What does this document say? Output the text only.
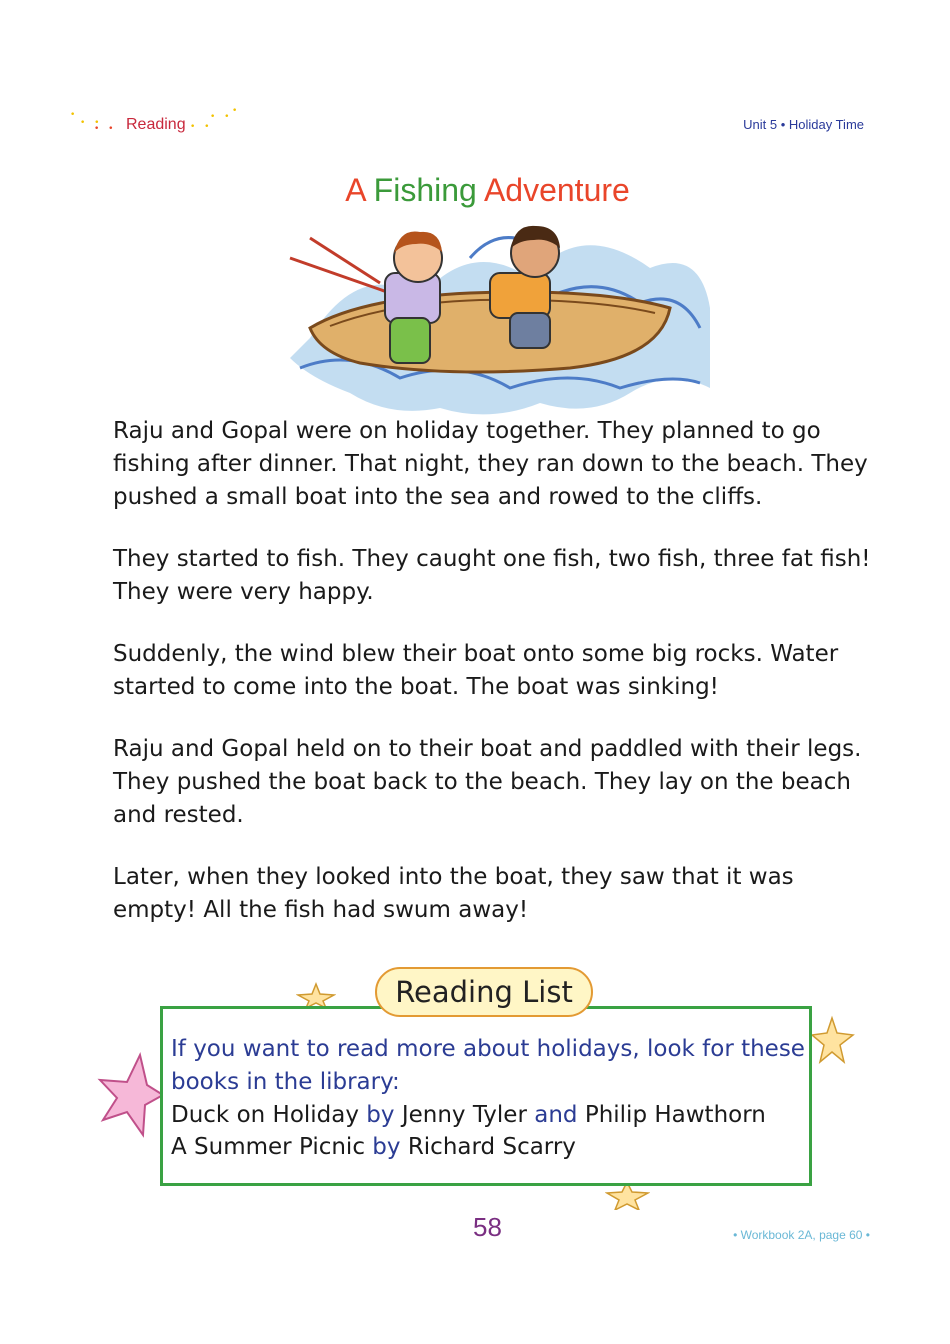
•
• •
• • Reading • •
• •
•
Unit 5 • Holiday Time
A Fishing Adventure

Raju and Gopal were on holiday together. They planned to go fishing after dinner. That night, they ran down to the beach. They pushed a small boat into the sea and rowed to the cliffs.

They started to fish. They caught one fish, two fish, three fat fish! They were very happy.

Suddenly, the wind blew their boat onto some big rocks. Water started to come into the boat. The boat was sinking!

Raju and Gopal held on to their boat and paddled with their legs. They pushed the boat back to the beach. They lay on the beach and rested.

Later, when they looked into the boat, they saw that it was empty! All the fish had swum away!

Reading List
If you want to read more about holidays, look for these books in the library:
Duck on Holiday by Jenny Tyler and Philip Hawthorn
A Summer Picnic by Richard Scarry
58	• Workbook 2A, page 60 •
